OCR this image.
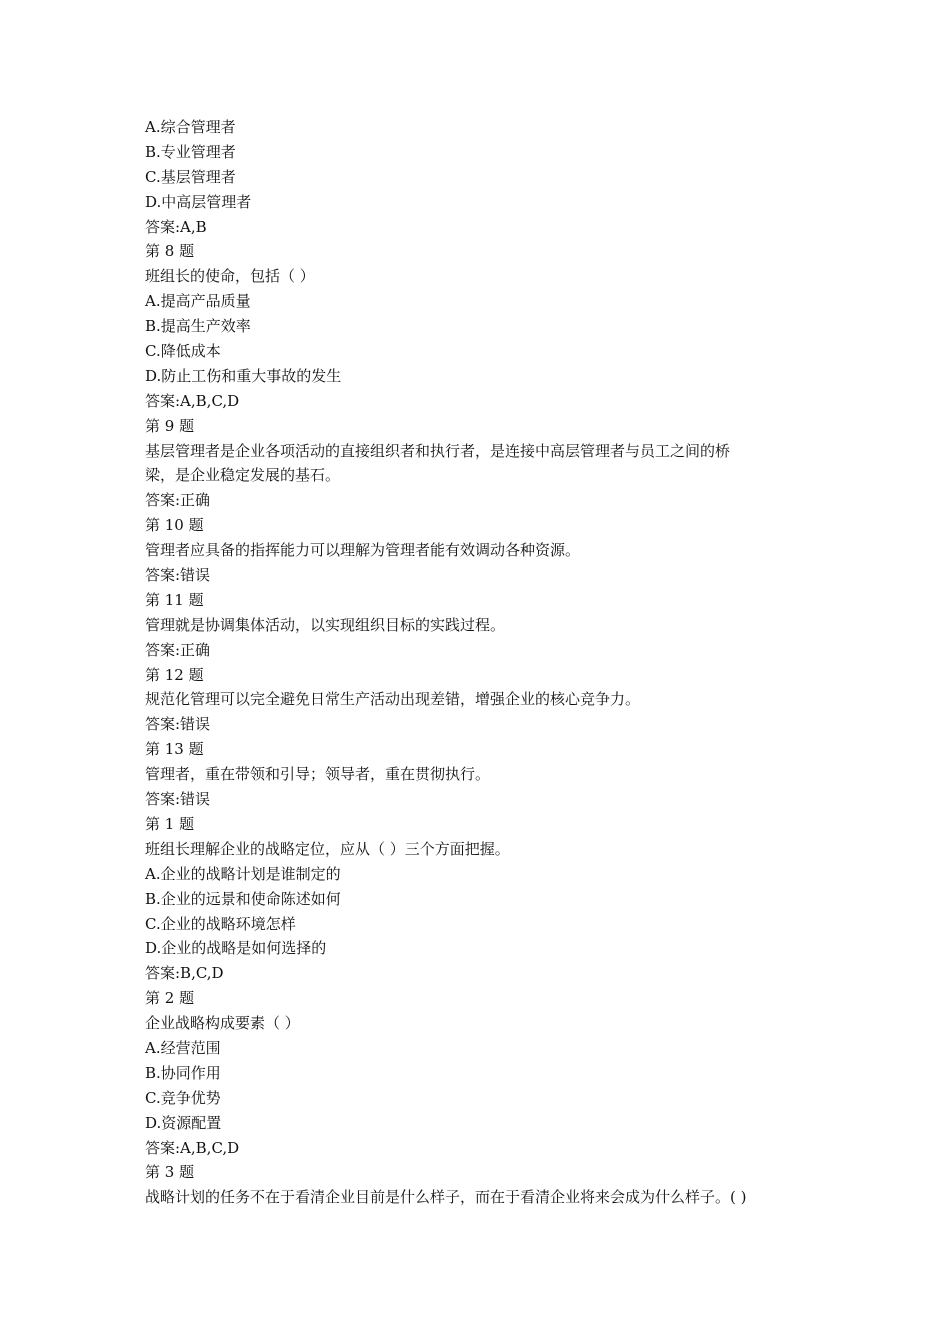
A.综合管理者
B.专业管理者
C.基层管理者
D.中高层管理者
答案:A,B
第 8 题
班组长的使命，包括（ ）
A.提高产品质量
B.提高生产效率
C.降低成本
D.防止工伤和重大事故的发生
答案:A,B,C,D
第 9 题
基层管理者是企业各项活动的直接组织者和执行者，是连接中高层管理者与员工之间的桥
梁，是企业稳定发展的基石。
答案:正确
第 10 题
管理者应具备的指挥能力可以理解为管理者能有效调动各种资源。
答案:错误
第 11 题
管理就是协调集体活动，以实现组织目标的实践过程。
答案:正确
第 12 题
规范化管理可以完全避免日常生产活动出现差错，增强企业的核心竞争力。
答案:错误
第 13 题
管理者，重在带领和引导；领导者，重在贯彻执行。
答案:错误
第 1 题
班组长理解企业的战略定位，应从（ ）三个方面把握。
A.企业的战略计划是谁制定的
B.企业的远景和使命陈述如何
C.企业的战略环境怎样
D.企业的战略是如何选择的
答案:B,C,D
第 2 题
企业战略构成要素（ ）
A.经营范围
B.协同作用
C.竞争优势
D.资源配置
答案:A,B,C,D
第 3 题
战略计划的任务不在于看清企业目前是什么样子，而在于看清企业将来会成为什么样子。( )
